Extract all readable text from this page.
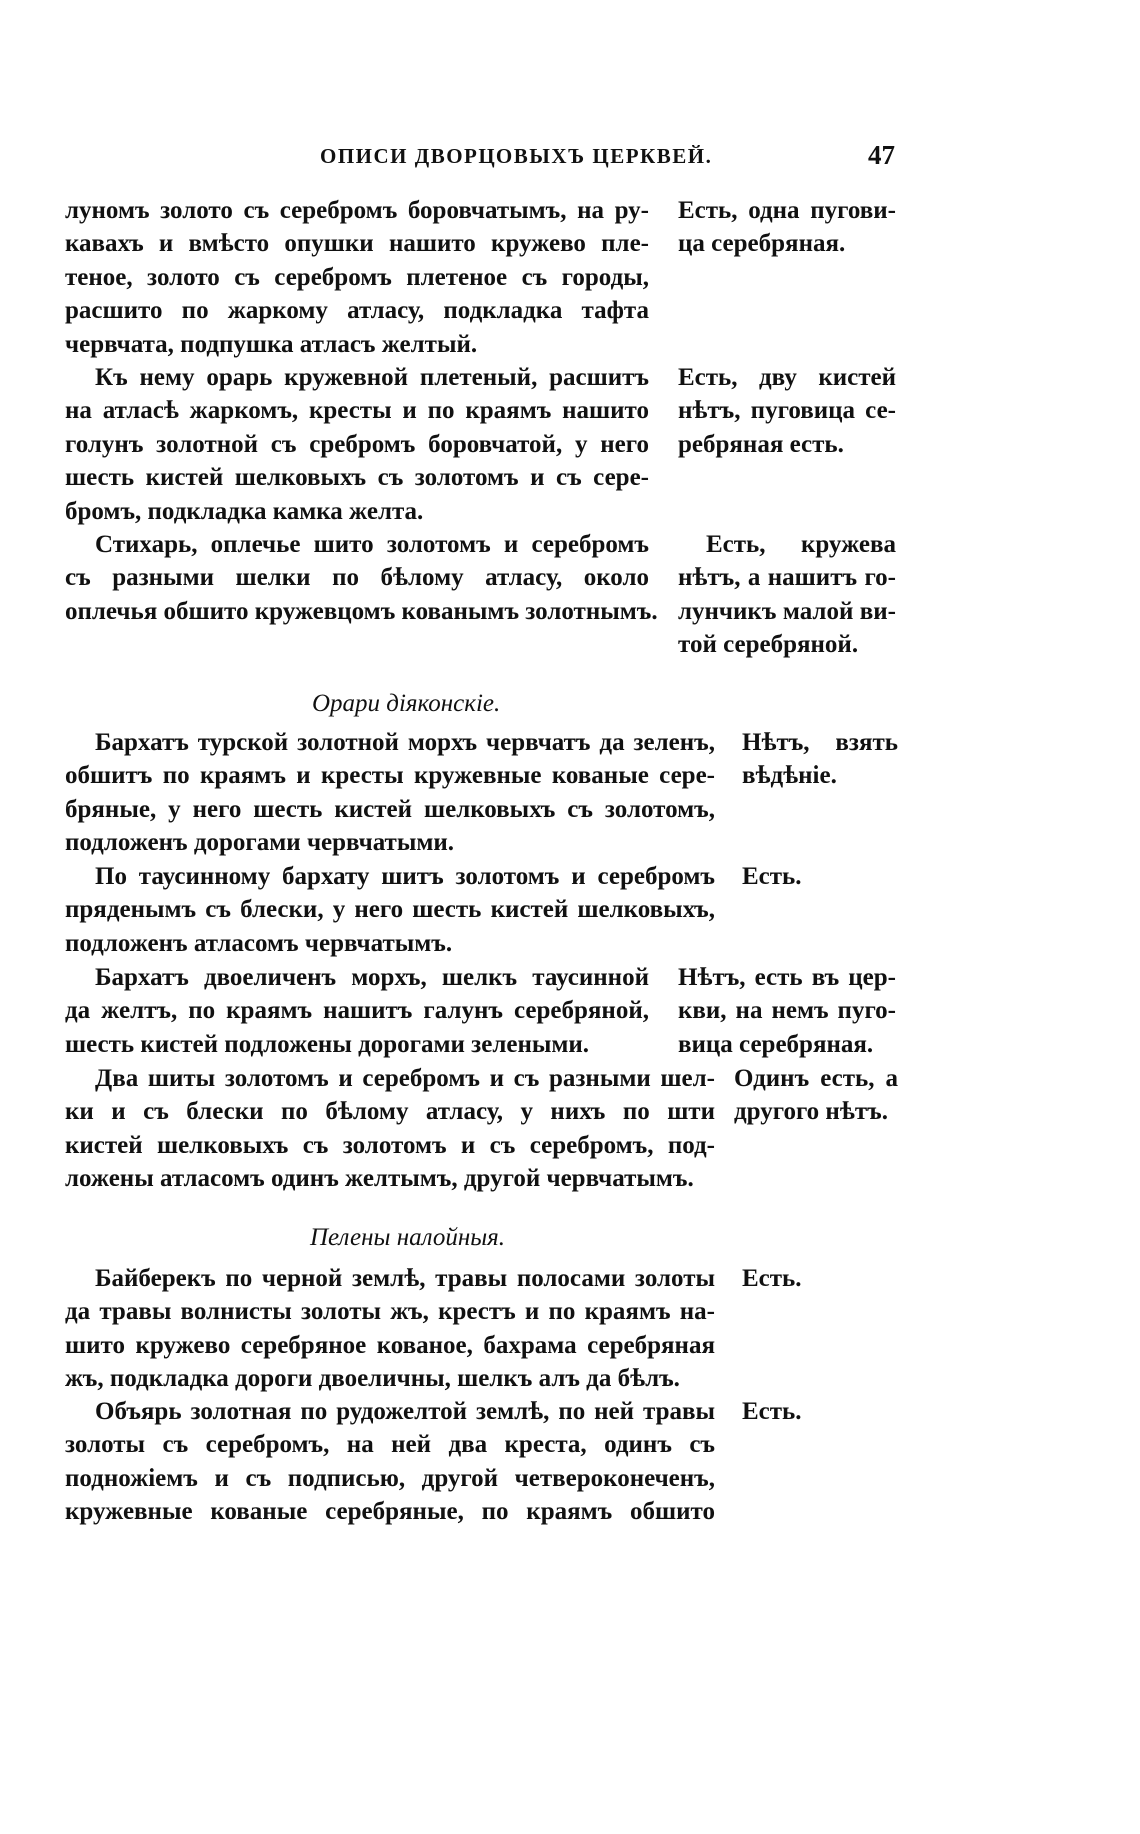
ОПИСИ ДВОРЦОВЫХЪ ЦЕРКВЕЙ.	47
луномъ золото съ серебромъ боровчатымъ, на ру-
кавахъ и вмѣсто опушки нашито кружево пле-
теное, золото съ серебромъ плетеное съ городы,
расшито по жаркому атласу, подкладка тафта
червчата, подпушка атласъ желтый.
Есть, одна пугови-
ца серебряная.
Къ нему орарь кружевной плетеный, расшитъ
на атласѣ жаркомъ, кресты и по краямъ нашито
голунъ золотной съ сребромъ боровчатой, у него
шесть кистей шелковыхъ съ золотомъ и съ сере-
бромъ, подкладка камка желта.
Есть, дву кистей
нѣтъ, пуговица се-
ребряная есть.
Стихарь, оплечье шито золотомъ и серебромъ
съ разными шелки по бѣлому атласу, около
оплечья обшито кружевцомъ кованымъ золотнымъ.
Есть, кружева
нѣтъ, а нашитъ го-
лунчикъ малой ви-
той серебряной.
Орари діяконскіе.
Бархатъ турской золотной морхъ червчатъ да зеленъ,
обшитъ по краямъ и кресты кружевные кованые сере-
бряные, у него шесть кистей шелковыхъ съ золотомъ,
подложенъ дорогами червчатыми.
Нѣтъ, взять
вѣдѣніе.
По таусинному бархату шитъ золотомъ и серебромъ
пряденымъ съ блески, у него шесть кистей шелковыхъ,
подложенъ атласомъ червчатымъ.
Есть.
Бархатъ двоеличенъ морхъ, шелкъ таусинной
да желтъ, по краямъ нашитъ галунъ серебряной,
шесть кистей подложены дорогами зелеными.
Нѣтъ, есть въ цер-
кви, на немъ пуго-
вица серебряная.
Два шиты золотомъ и серебромъ и съ разными шел-
ки и съ блески по бѣлому атласу, у нихъ по шти
кистей шелковыхъ съ золотомъ и съ серебромъ, под-
ложены атласомъ одинъ желтымъ, другой червчатымъ.
Одинъ есть, а
другого нѣтъ.
Пелены налойныя.
Байберекъ по черной землѣ, травы полосами золоты
да травы волнисты золоты жъ, крестъ и по краямъ на-
шито кружево серебряное кованое, бахрама серебряная
жъ, подкладка дороги двоеличны, шелкъ алъ да бѣлъ.
Есть.
Объярь золотная по рудожелтой землѣ, по ней травы
золоты съ серебромъ, на ней два креста, одинъ съ
подножіемъ и съ подписью, другой четвероконеченъ,
кружевные кованые серебряные, по краямъ обшито
Есть.
